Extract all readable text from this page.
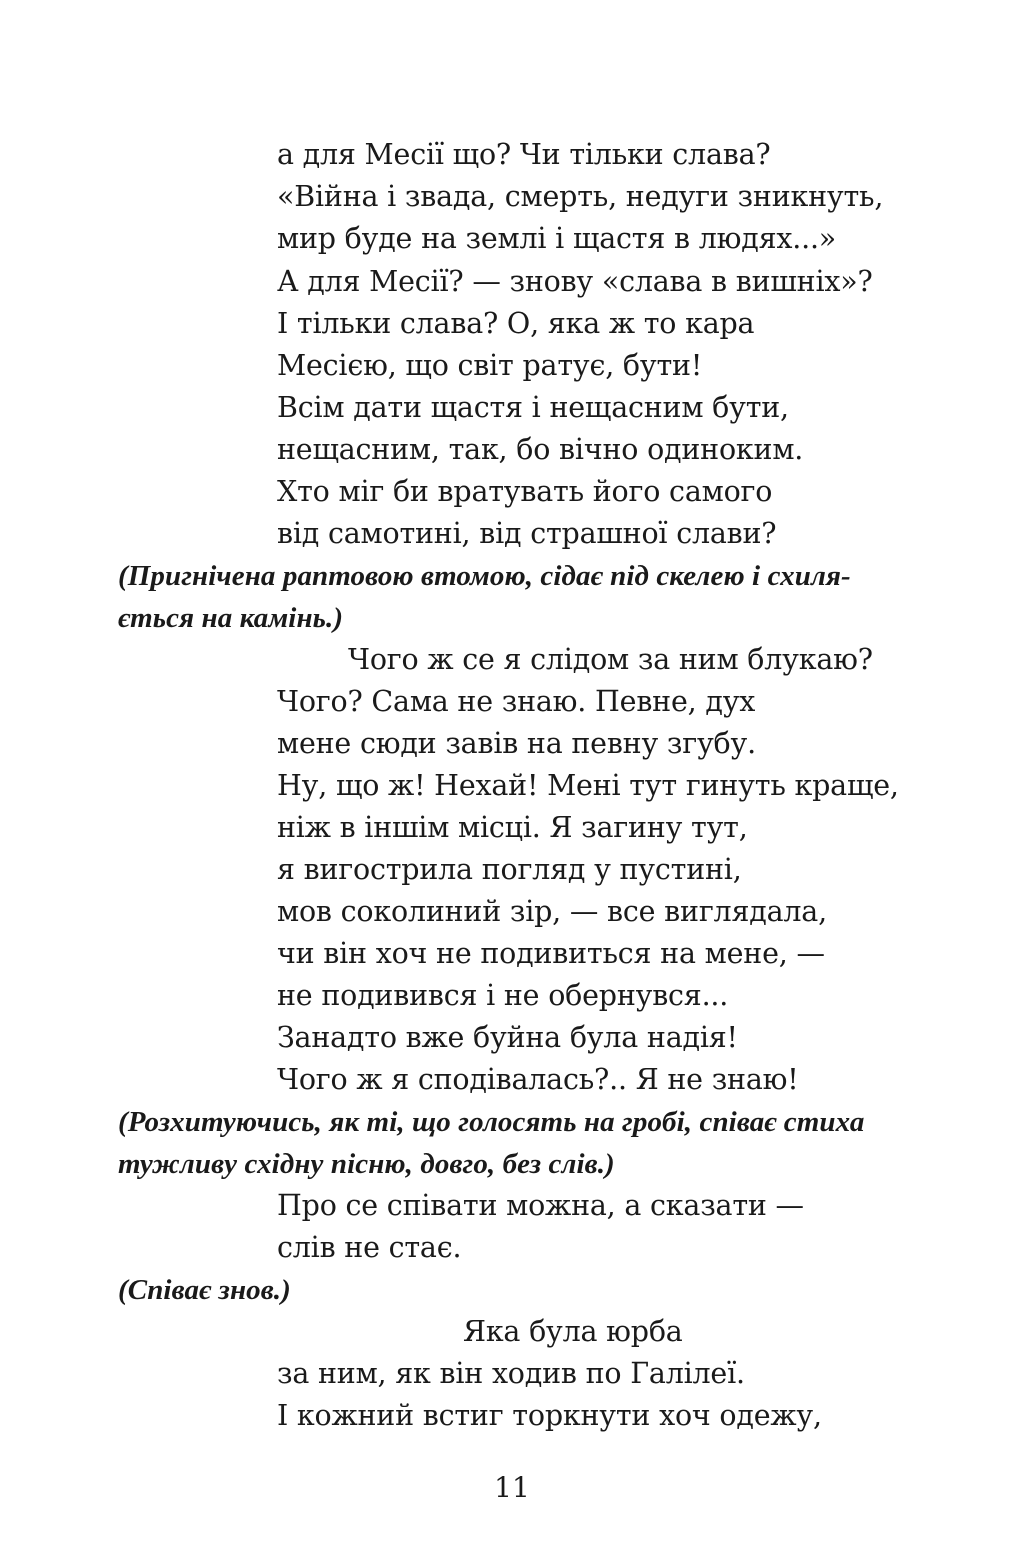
а для Месії що? Чи тільки слава?
«Війна і звада, смерть, недуги зникнуть,
мир буде на землі і щастя в людях...»
А для Месії? — знову «слава в вишніх»?
І тільки слава? О, яка ж то кара
Месією, що світ ратує, бути!
Всім дати щастя і нещасним бути,
нещасним, так, бо вічно одиноким.
Хто міг би вратувать його самого
від самотині, від страшної слави?
(Пригнічена раптовою втомою, сідає під скелею і схиля-
ється на камінь.)
Чого ж се я слідом за ним блукаю?
Чого? Сама не знаю. Певне, дух
мене сюди завів на певну згубу.
Ну, що ж! Нехай! Мені тут гинуть краще,
ніж в іншім місці. Я загину тут,
я вигострила погляд у пустині,
мов соколиний зір, — все виглядала,
чи він хоч не подивиться на мене, —
не подивився і не обернувся...
Занадто вже буйна була надія!
Чого ж я сподівалась?.. Я не знаю!
(Розхитуючись, як ті, що голосять на гробі, співає стиха
тужливу східну пісню, довго, без слів.)
Про се співати можна, а сказати —
слів не стає.
(Співає знов.)
Яка була юрба
за ним, як він ходив по Галілеї.
І кожний встиг торкнути хоч одежу,
11
